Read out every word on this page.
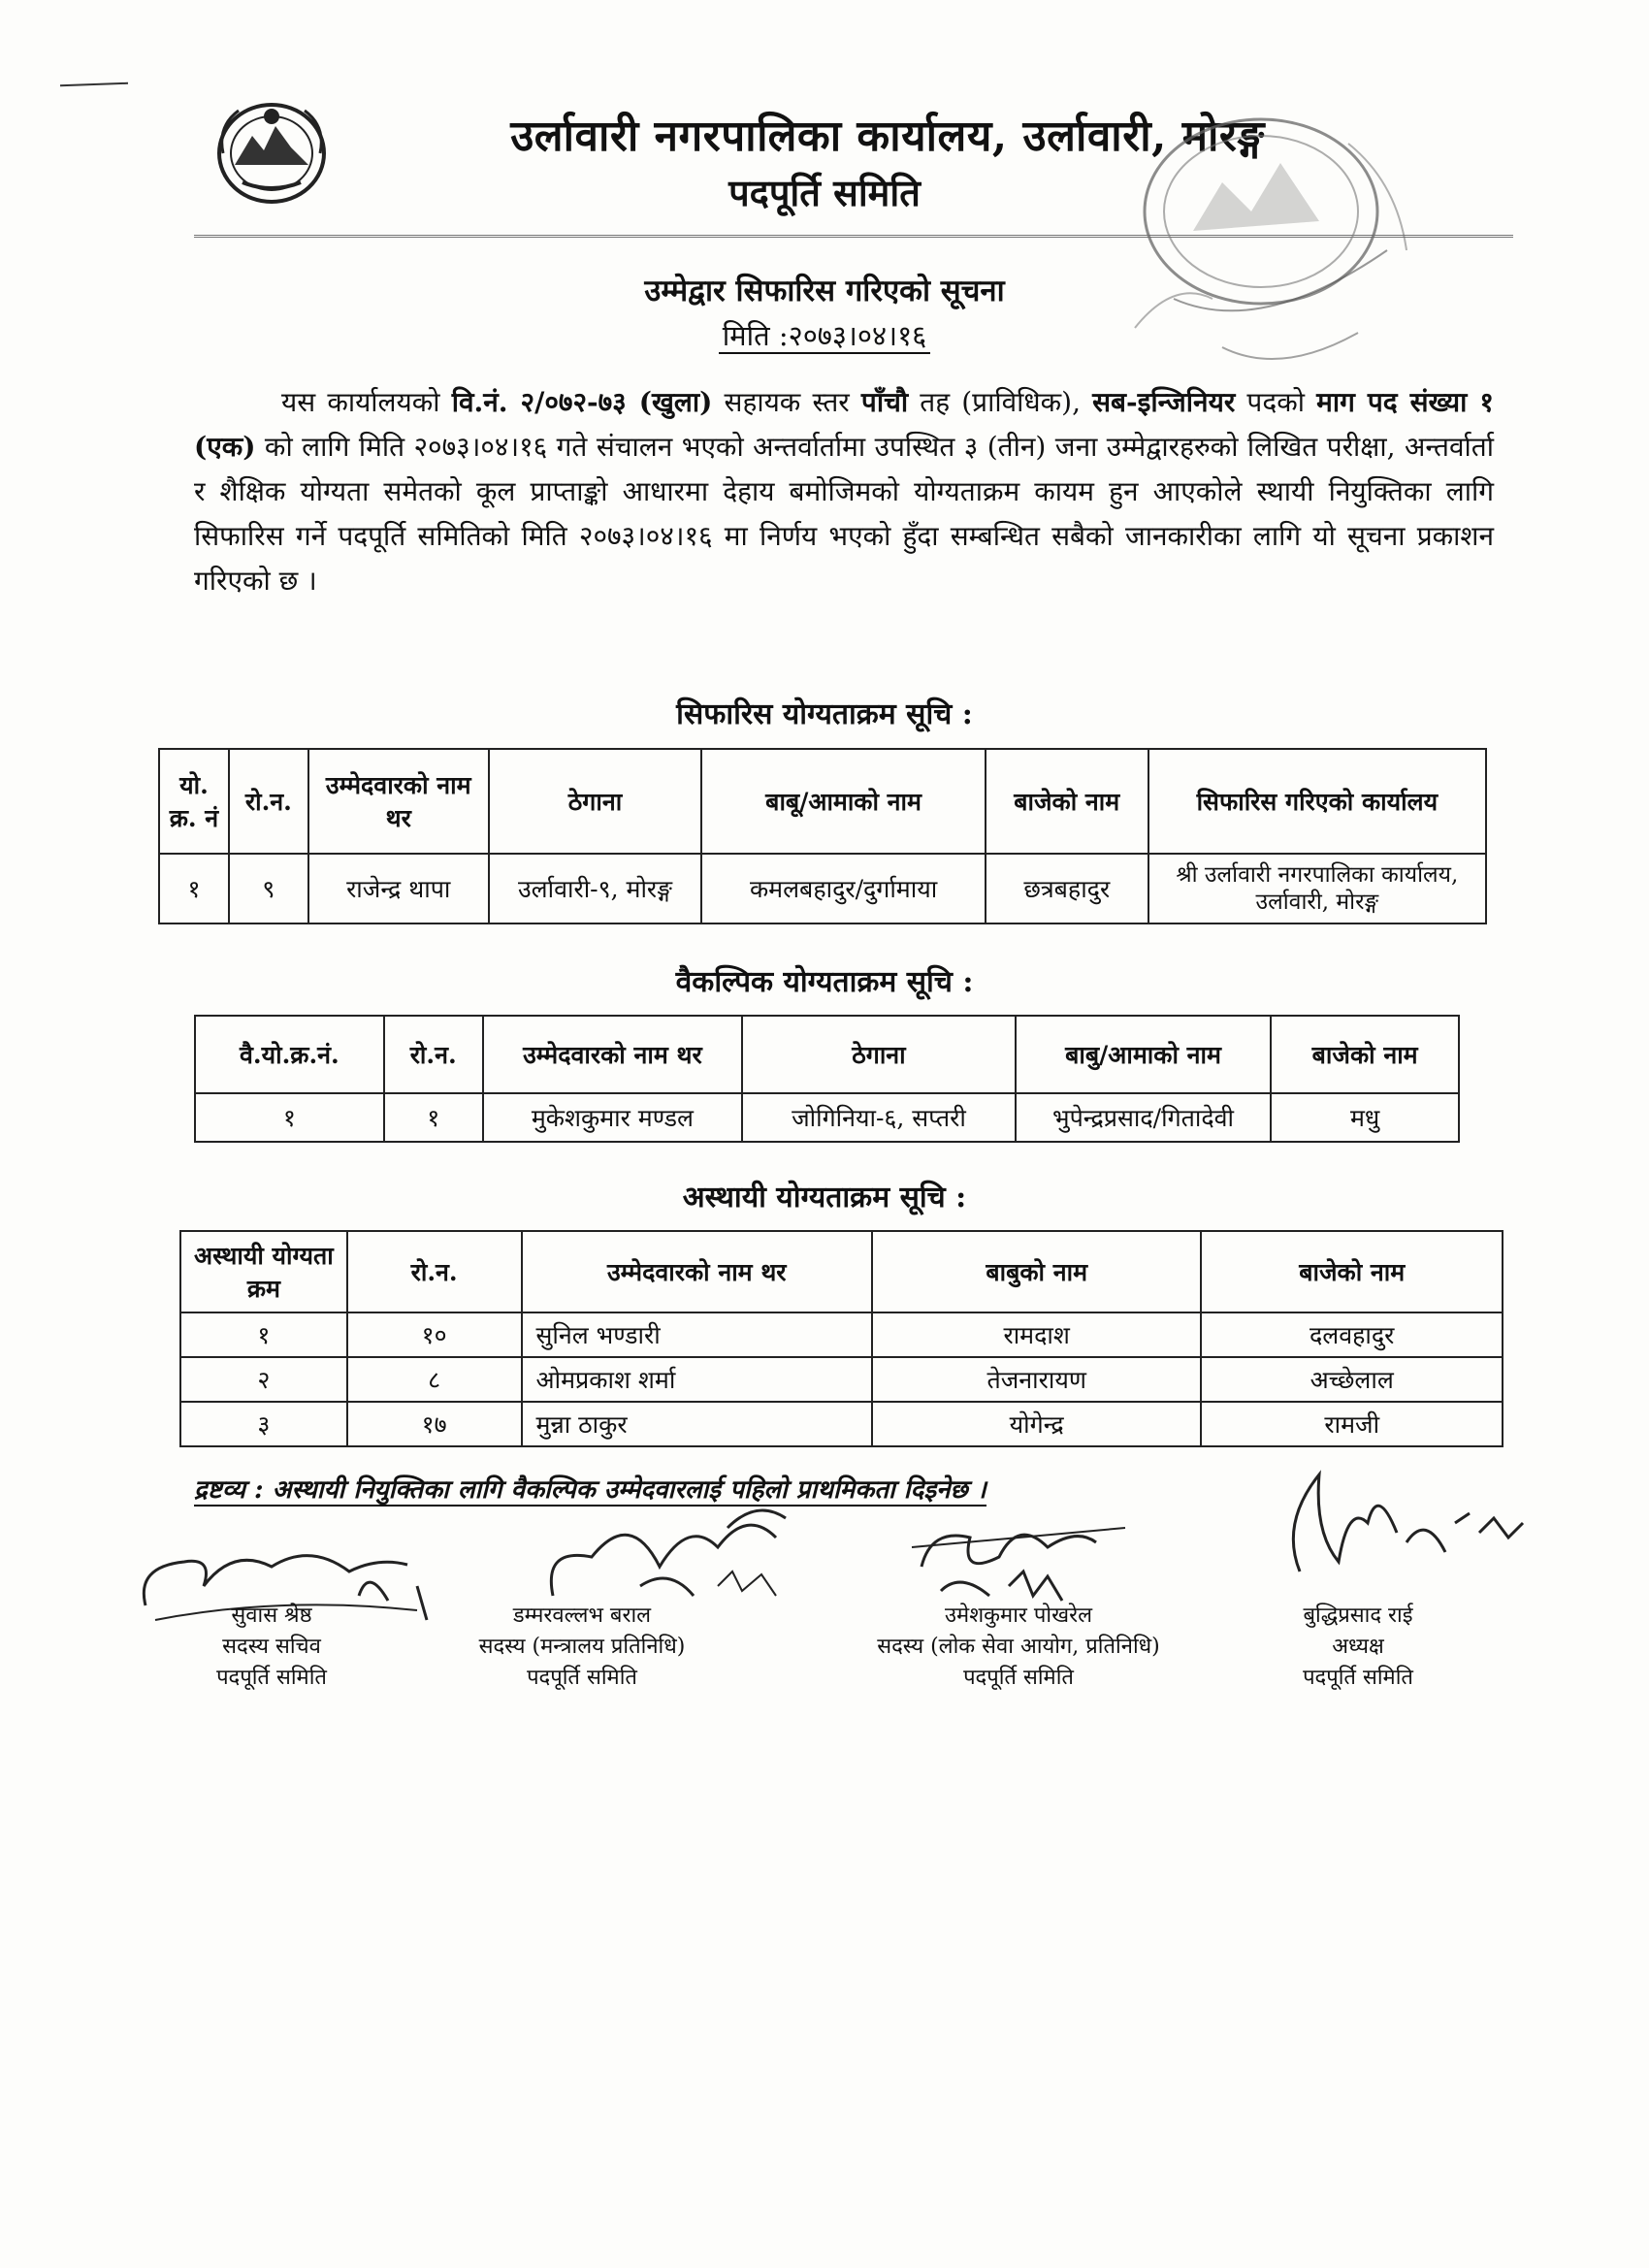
उर्लावारी नगरपालिका कार्यालय, उर्लावारी, मोरङ्ग
पदपूर्ति समिति
उम्मेद्वार सिफारिस गरिएको सूचना
मिति :२०७३।०४।१६
यस कार्यालयको वि.नं. २/०७२-७३ (खुला) सहायक स्तर पाँचौ तह (प्राविधिक), सब-इन्जिनियर पदको माग पद संख्या १ (एक) को लागि मिति २०७३।०४।१६ गते संचालन भएको अन्तर्वार्तामा उपस्थित ३ (तीन) जना उम्मेद्वारहरुको लिखित परीक्षा, अन्तर्वार्ता र शैक्षिक योग्यता समेतको कूल प्राप्ताङ्को आधारमा देहाय बमोजिमको योग्यताक्रम कायम हुन आएकोले स्थायी नियुक्तिका लागि सिफारिस गर्ने पदपूर्ति समितिको मिति २०७३।०४।१६ मा निर्णय भएको हुँदा सम्बन्धित सबैको जानकारीका लागि यो सूचना प्रकाशन गरिएको छ ।
सिफारिस योग्यताक्रम सूचि :
यो. क्र. नं	रो.न.	उम्मेदवारको नाम थर	ठेगाना	बाबू/आमाको नाम	बाजेको नाम	सिफारिस गरिएको कार्यालय
१	९	राजेन्द्र थापा	उर्लावारी-९, मोरङ्ग	कमलबहादुर/दुर्गामाया	छत्रबहादुर	श्री उर्लावारी नगरपालिका कार्यालय, उर्लावारी, मोरङ्ग
वैकल्पिक योग्यताक्रम सूचि :
वै.यो.क्र.नं.	रो.न.	उम्मेदवारको नाम थर	ठेगाना	बाबु/आमाको नाम	बाजेको नाम
१	१	मुकेशकुमार मण्डल	जोगिनिया-६, सप्तरी	भुपेन्द्रप्रसाद/गितादेवी	मधु
अस्थायी योग्यताक्रम सूचि :
अस्थायी योग्यता क्रम	रो.न.	उम्मेदवारको नाम थर	बाबुको नाम	बाजेको नाम
१	१०	सुनिल भण्डारी	रामदाश	दलवहादुर
२	८	ओमप्रकाश शर्मा	तेजनारायण	अच्छेलाल
३	१७	मुन्ना ठाकुर	योगेन्द्र	रामजी
द्रष्टव्य : अस्थायी नियुक्तिका लागि वैकल्पिक उम्मेदवारलाई पहिलो प्राथमिकता दिइनेछ ।
सुवास श्रेष्ठ
सदस्य सचिव
पदपूर्ति समिति
डम्मरवल्लभ बराल
सदस्य (मन्त्रालय प्रतिनिधि)
पदपूर्ति समिति
उमेशकुमार पोखरेल
सदस्य (लोक सेवा आयोग, प्रतिनिधि)
पदपूर्ति समिति
बुद्धिप्रसाद राई
अध्यक्ष
पदपूर्ति समिति
